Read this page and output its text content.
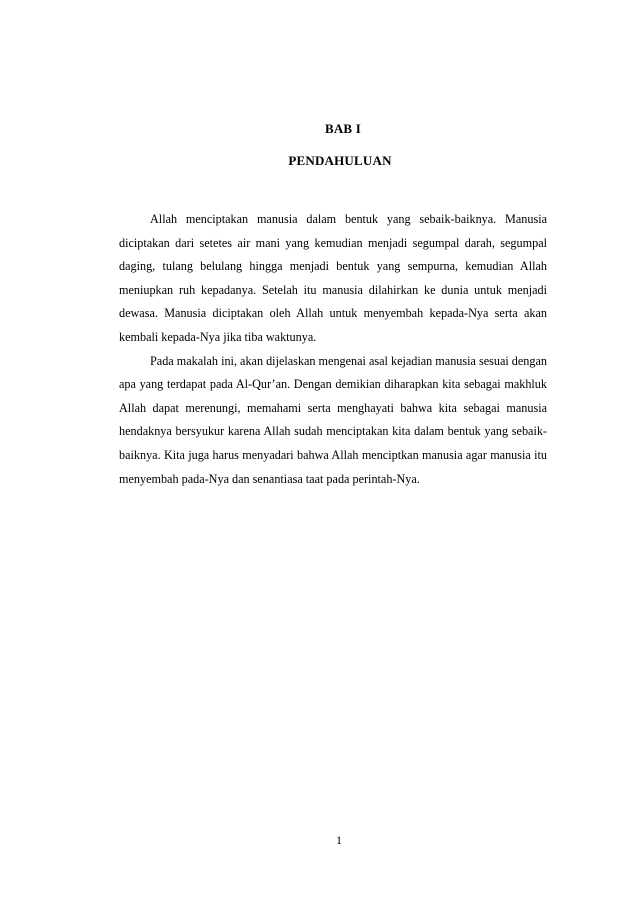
BAB I
PENDAHULUAN

Allah menciptakan manusia dalam bentuk yang sebaik-baiknya. Manusia diciptakan dari setetes air mani yang kemudian menjadi segumpal darah, segumpal daging, tulang belulang hingga menjadi bentuk yang sempurna, kemudian Allah meniupkan ruh kepadanya. Setelah itu manusia dilahirkan ke dunia untuk menjadi dewasa. Manusia diciptakan oleh Allah untuk menyembah kepada-Nya serta akan kembali kepada-Nya jika tiba waktunya.

Pada makalah ini, akan dijelaskan mengenai asal kejadian manusia sesuai dengan apa yang terdapat pada Al-Qur’an. Dengan demikian diharapkan kita sebagai makhluk Allah dapat merenungi, memahami serta menghayati bahwa kita sebagai manusia hendaknya bersyukur karena Allah sudah menciptakan kita dalam bentuk yang sebaik-baiknya. Kita juga harus menyadari bahwa Allah menciptkan manusia agar manusia itu menyembah pada-Nya dan senantiasa taat pada perintah-Nya.

1
